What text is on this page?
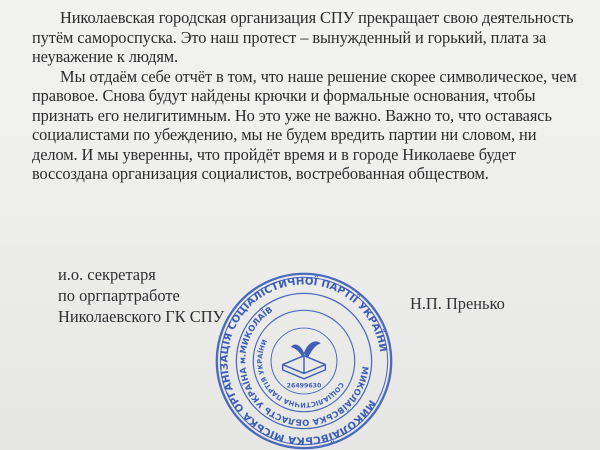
Николаевская городская организация СПУ прекращает свою деятельность
путём самороспуска. Это наш протест – вынужденный и горький, плата за
неуважение к людям.
Мы отдаём себе отчёт в том, что наше решение скорее символическое, чем
правовое. Снова будут найдены крючки и формальные основания, чтобы
признать его нелигитимным. Но это уже не важно. Важно то, что оставаясь
социалистами по убеждению, мы не будем вредить партии ни словом, ни
делом. И мы уверенны, что пройдёт время и в городе Николаеве будет
воссоздана организация социалистов, востребованная обществом.
и.о. секретаря
по оргпартработе
Николаевского ГК СПУ
Н.П. Пренько
МИКОЛАЇВСЬКА МІСЬКА ОРГАНІЗАЦІЯ СОЦІАЛІСТИЧНОЇ ПАРТІЇ УКРАЇНИ
МИКОЛАЇВСЬКА ОБЛАСТЬ УКРАЇНА м.МИКОЛАЇВ
СОЦІАЛІСТИЧНА ПАРТІЯ УКРАЇНИ
26499630
